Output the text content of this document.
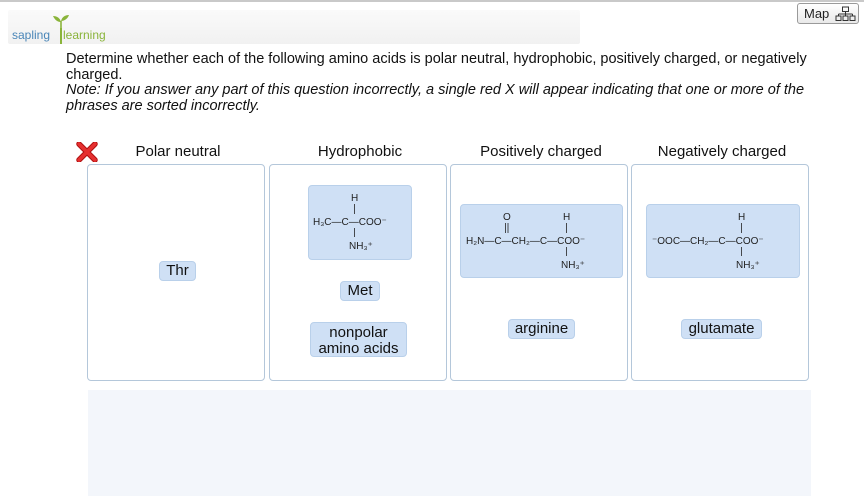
sapling learning
Map
Determine whether each of the following amino acids is polar neutral, hydrophobic, positively charged, or negatively charged.
Note: If you answer any part of this question incorrectly, a single red X will appear indicating that one or more of the phrases are sorted incorrectly.
Polar neutral	Hydrophobic	Positively charged	Negatively charged
Thr
H
H₃C—C—COO⁻
NH₃⁺
Met
nonpolar
amino acids
O	H
H₂N—C—CH₂—C—COO⁻
NH₃⁺
arginine
H
⁻OOC—CH₂—C—COO⁻
NH₃⁺
glutamate
